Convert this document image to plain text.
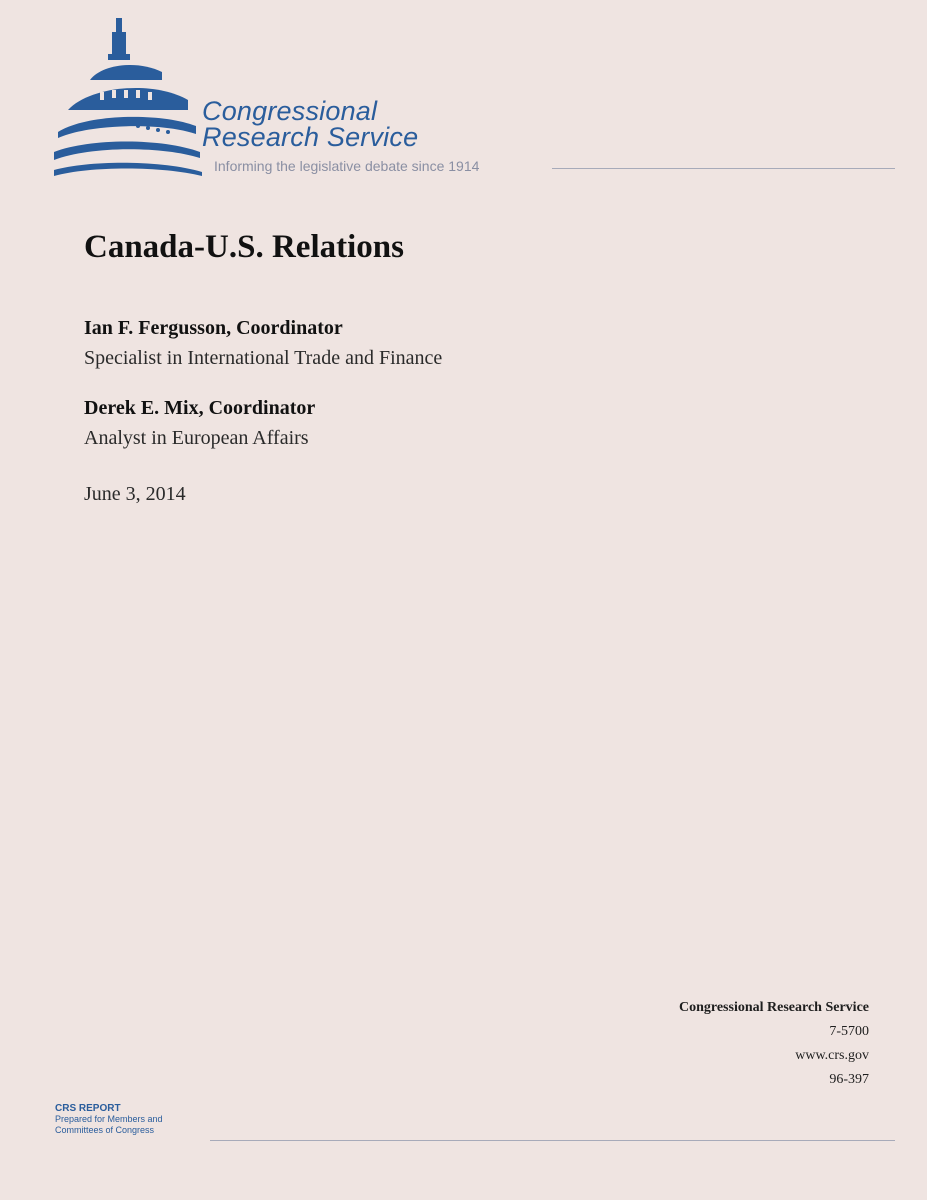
Congressional
Research Service
Informing the legislative debate since 1914
Canada-U.S. Relations
Ian F. Fergusson, Coordinator
Specialist in International Trade and Finance
Derek E. Mix, Coordinator
Analyst in European Affairs
June 3, 2014
Congressional Research Service
7-5700
www.crs.gov
96-397
CRS REPORT
Prepared for Members and
Committees of Congress
